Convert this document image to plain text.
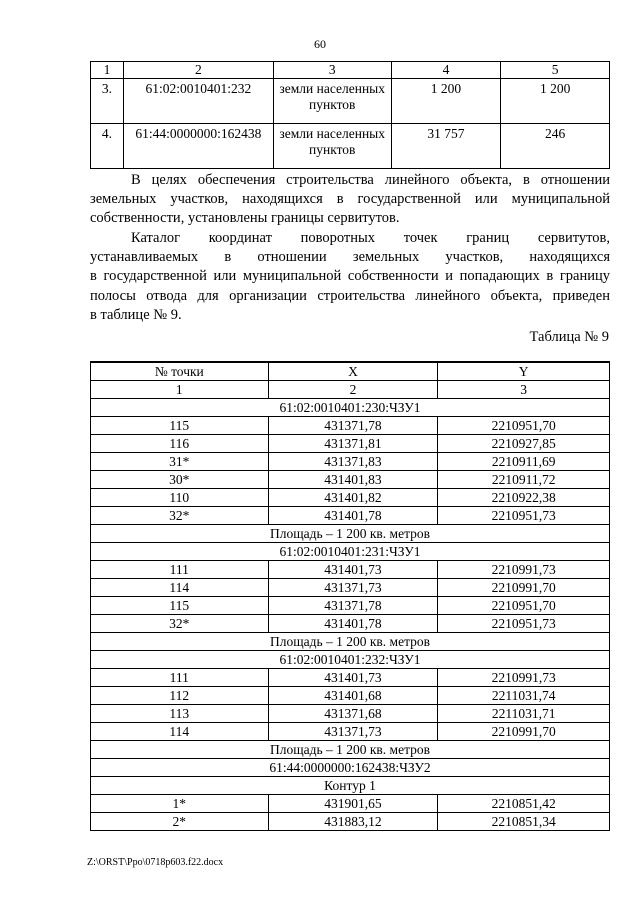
60
1	2	3	4	5
3.	61:02:0010401:232	земли населенных
пунктов	1 200	1 200
4.	61:44:0000000:162438	земли населенных
пунктов	31 757	246
В целях обеспечения строительства линейного объекта, в отношении
земельных участков, находящихся в государственной или муниципальной
собственности, установлены границы сервитутов.
Каталог координат поворотных точек границ сервитутов,
устанавливаемых в отношении земельных участков, находящихся
в государственной или муниципальной собственности и попадающих в границу
полосы отвода для организации строительства линейного объекта, приведен
в таблице № 9.
Таблица № 9
№ точки	X	Y
1	2	3
61:02:0010401:230:ЧЗУ1		
115	431371,78	2210951,70
116	431371,81	2210927,85
31*	431371,83	2210911,69
30*	431401,83	2210911,72
110	431401,82	2210922,38
32*	431401,78	2210951,73
Площадь – 1 200 кв. метров		
61:02:0010401:231:ЧЗУ1		
111	431401,73	2210991,73
114	431371,73	2210991,70
115	431371,78	2210951,70
32*	431401,78	2210951,73
Площадь – 1 200 кв. метров		
61:02:0010401:232:ЧЗУ1		
111	431401,73	2210991,73
112	431401,68	2211031,74
113	431371,68	2211031,71
114	431371,73	2210991,70
Площадь – 1 200 кв. метров		
61:44:0000000:162438:ЧЗУ2		
Контур 1		
1*	431901,65	2210851,42
2*	431883,12	2210851,34
Z:\ORST\Ppo\0718p603.f22.docx
